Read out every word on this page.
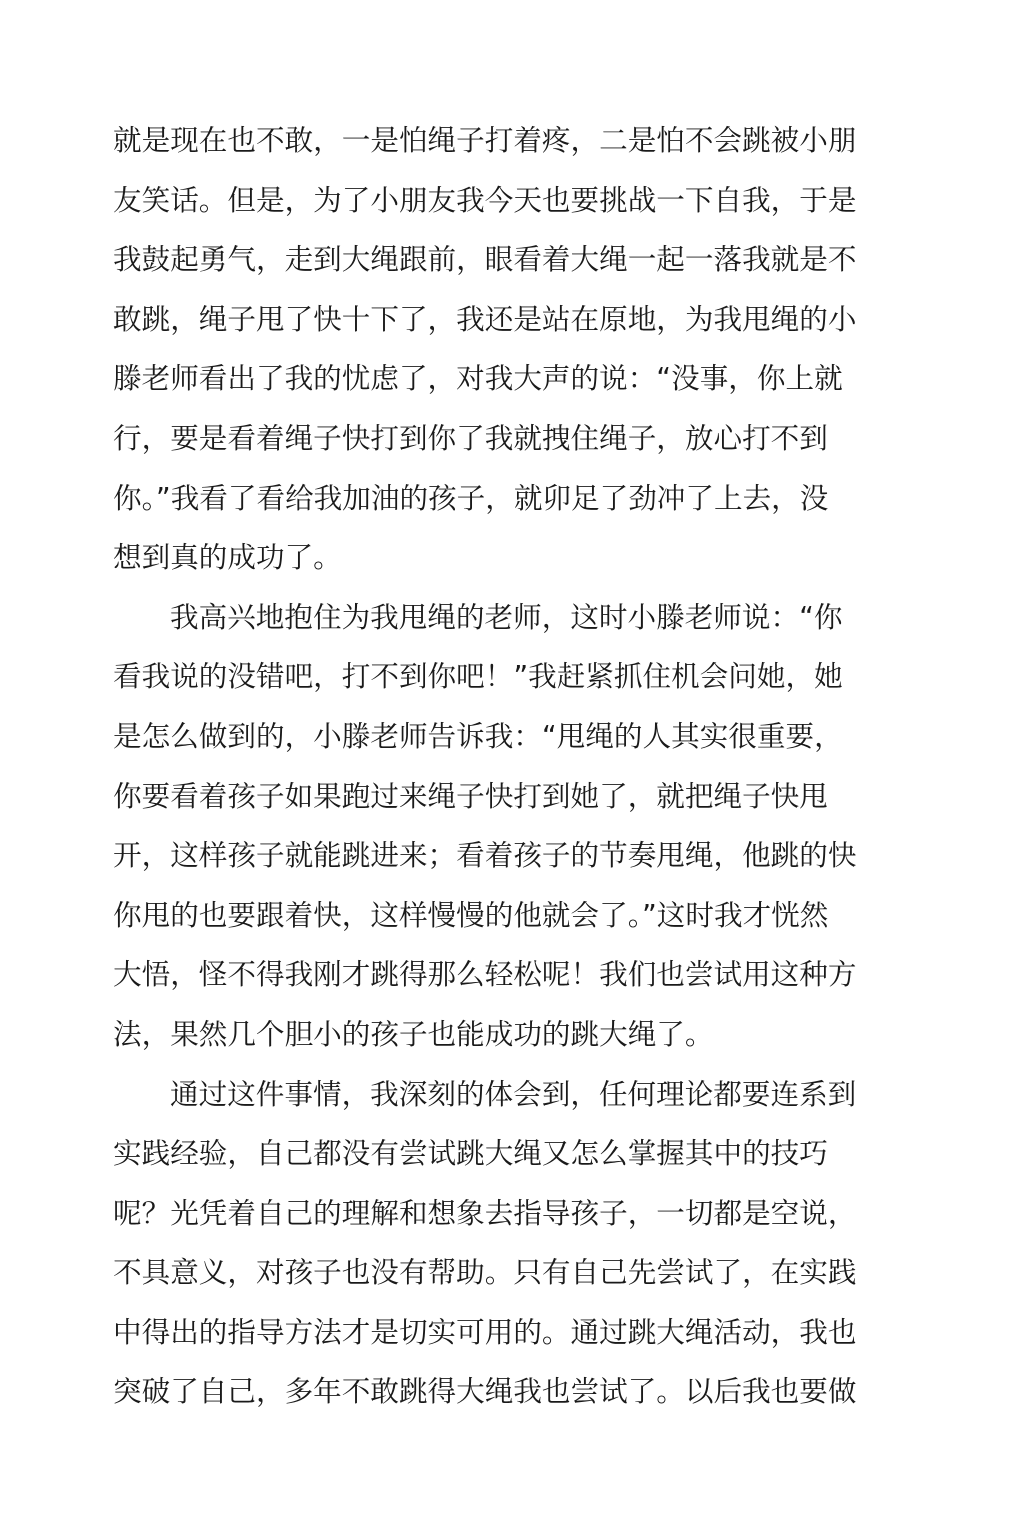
就是现在也不敢，一是怕绳子打着疼，二是怕不会跳被小朋
友笑话。但是，为了小朋友我今天也要挑战一下自我，于是
我鼓起勇气，走到大绳跟前，眼看着大绳一起一落我就是不
敢跳，绳子甩了快十下了，我还是站在原地，为我甩绳的小
滕老师看出了我的忧虑了，对我大声的说：“没事，你上就
行，要是看着绳子快打到你了我就拽住绳子，放心打不到
你。”我看了看给我加油的孩子，就卯足了劲冲了上去，没
想到真的成功了。
我高兴地抱住为我甩绳的老师，这时小滕老师说：“你
看我说的没错吧，打不到你吧！”我赶紧抓住机会问她，她
是怎么做到的，小滕老师告诉我：“甩绳的人其实很重要，
你要看着孩子如果跑过来绳子快打到她了，就把绳子快甩
开，这样孩子就能跳进来；看着孩子的节奏甩绳，他跳的快
你甩的也要跟着快，这样慢慢的他就会了。”这时我才恍然
大悟，怪不得我刚才跳得那么轻松呢！我们也尝试用这种方
法，果然几个胆小的孩子也能成功的跳大绳了。
通过这件事情，我深刻的体会到，任何理论都要连系到
实践经验，自己都没有尝试跳大绳又怎么掌握其中的技巧
呢？光凭着自己的理解和想象去指导孩子，一切都是空说，
不具意义，对孩子也没有帮助。只有自己先尝试了，在实践
中得出的指导方法才是切实可用的。通过跳大绳活动，我也
突破了自己，多年不敢跳得大绳我也尝试了。以后我也要做
